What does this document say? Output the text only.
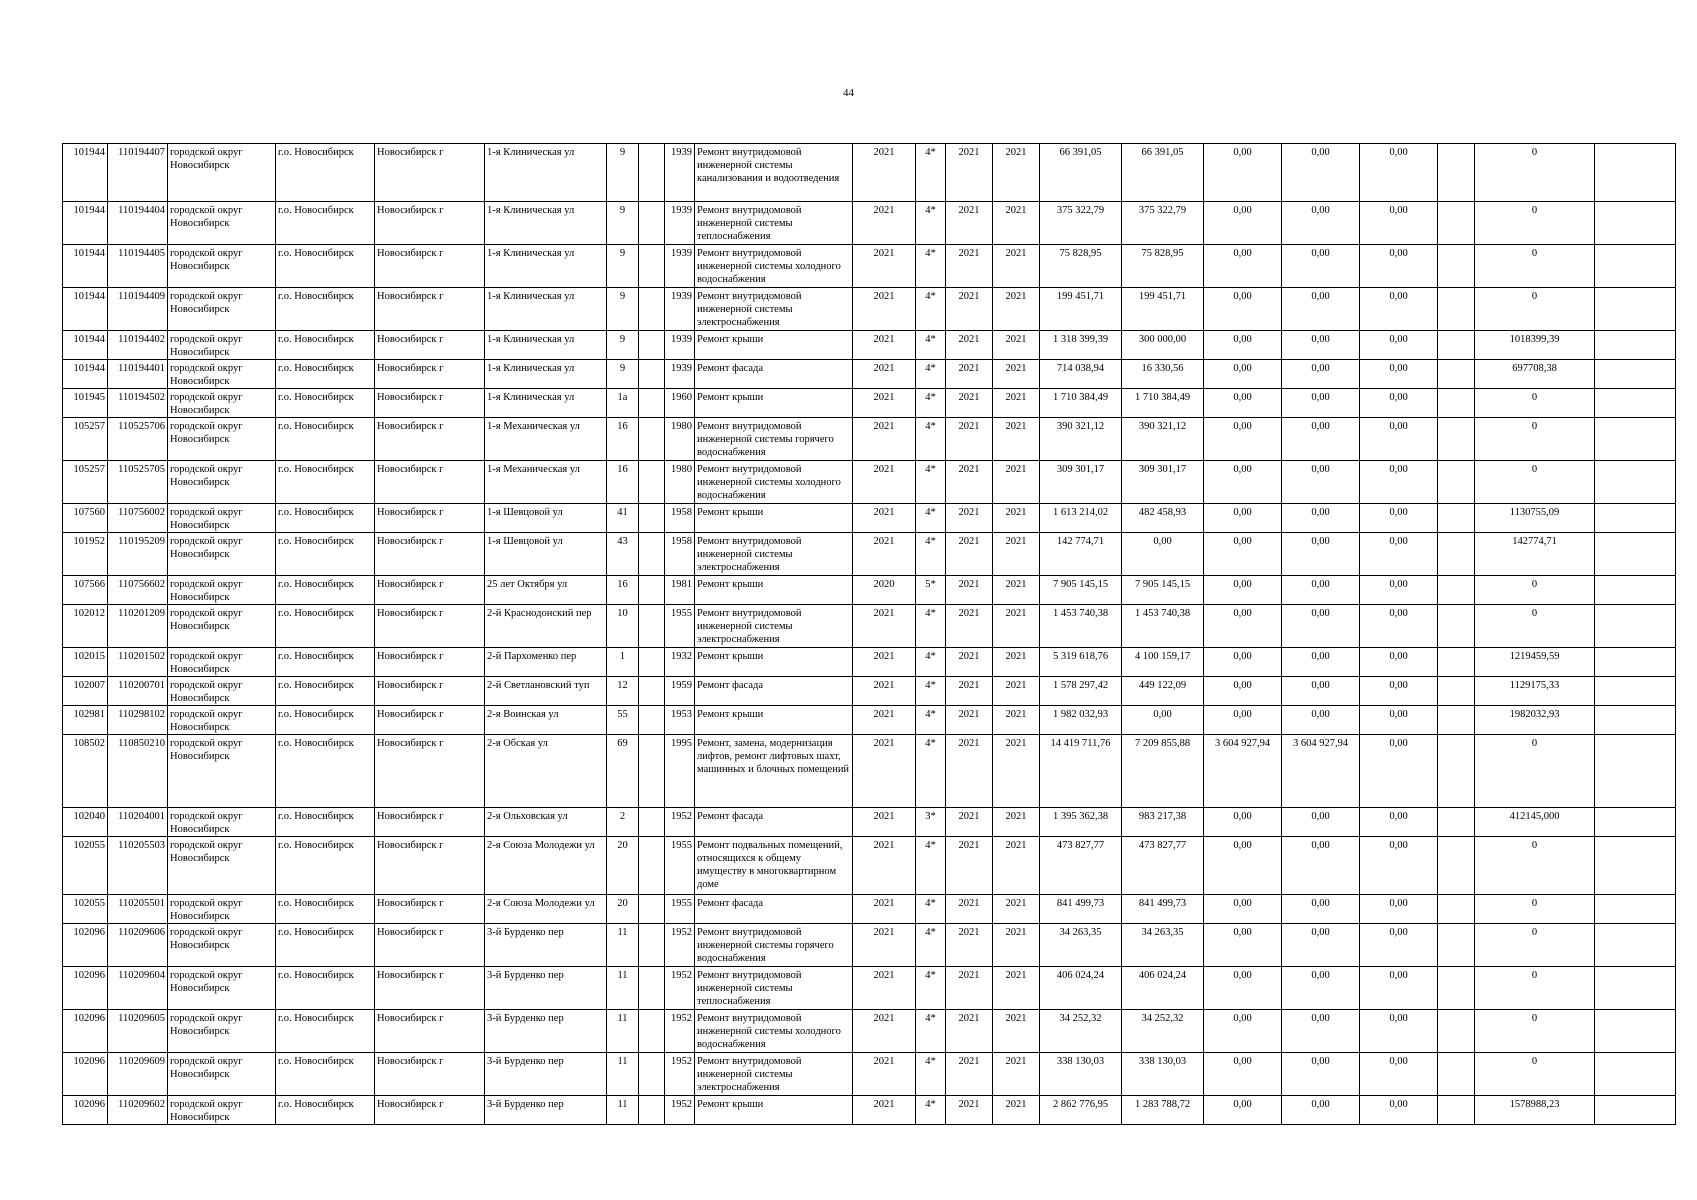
44
101944	110194407	городской округ Новосибирск	г.о. Новосибирск	Новосибирск г	1-я Клиническая ул	9		1939	Ремонт внутридомовой инженерной системы канализования и водоотведения	2021	4*	2021	2021	66 391,05	66 391,05	0,00	0,00	0,00		0	
101944	110194404	городской округ Новосибирск	г.о. Новосибирск	Новосибирск г	1-я Клиническая ул	9		1939	Ремонт внутридомовой инженерной системы теплоснабжения	2021	4*	2021	2021	375 322,79	375 322,79	0,00	0,00	0,00		0	
101944	110194405	городской округ Новосибирск	г.о. Новосибирск	Новосибирск г	1-я Клиническая ул	9		1939	Ремонт внутридомовой инженерной системы холодного водоснабжения	2021	4*	2021	2021	75 828,95	75 828,95	0,00	0,00	0,00		0	
101944	110194409	городской округ Новосибирск	г.о. Новосибирск	Новосибирск г	1-я Клиническая ул	9		1939	Ремонт внутридомовой инженерной системы электроснабжения	2021	4*	2021	2021	199 451,71	199 451,71	0,00	0,00	0,00		0	
101944	110194402	городской округ Новосибирск	г.о. Новосибирск	Новосибирск г	1-я Клиническая ул	9		1939	Ремонт крыши	2021	4*	2021	2021	1 318 399,39	300 000,00	0,00	0,00	0,00		1018399,39	
101944	110194401	городской округ Новосибирск	г.о. Новосибирск	Новосибирск г	1-я Клиническая ул	9		1939	Ремонт фасада	2021	4*	2021	2021	714 038,94	16 330,56	0,00	0,00	0,00		697708,38	
101945	110194502	городской округ Новосибирск	г.о. Новосибирск	Новосибирск г	1-я Клиническая ул	1а		1960	Ремонт крыши	2021	4*	2021	2021	1 710 384,49	1 710 384,49	0,00	0,00	0,00		0	
105257	110525706	городской округ Новосибирск	г.о. Новосибирск	Новосибирск г	1-я Механическая ул	16		1980	Ремонт внутридомовой инженерной системы горячего водоснабжения	2021	4*	2021	2021	390 321,12	390 321,12	0,00	0,00	0,00		0	
105257	110525705	городской округ Новосибирск	г.о. Новосибирск	Новосибирск г	1-я Механическая ул	16		1980	Ремонт внутридомовой инженерной системы холодного водоснабжения	2021	4*	2021	2021	309 301,17	309 301,17	0,00	0,00	0,00		0	
107560	110756002	городской округ Новосибирск	г.о. Новосибирск	Новосибирск г	1-я Шевцовой ул	41		1958	Ремонт крыши	2021	4*	2021	2021	1 613 214,02	482 458,93	0,00	0,00	0,00		1130755,09	
101952	110195209	городской округ Новосибирск	г.о. Новосибирск	Новосибирск г	1-я Шевцовой ул	43		1958	Ремонт внутридомовой инженерной системы электроснабжения	2021	4*	2021	2021	142 774,71	0,00	0,00	0,00	0,00		142774,71	
107566	110756602	городской округ Новосибирск	г.о. Новосибирск	Новосибирск г	25 лет Октября ул	16		1981	Ремонт крыши	2020	5*	2021	2021	7 905 145,15	7 905 145,15	0,00	0,00	0,00		0	
102012	110201209	городской округ Новосибирск	г.о. Новосибирск	Новосибирск г	2-й Краснодонский пер	10		1955	Ремонт внутридомовой инженерной системы электроснабжения	2021	4*	2021	2021	1 453 740,38	1 453 740,38	0,00	0,00	0,00		0	
102015	110201502	городской округ Новосибирск	г.о. Новосибирск	Новосибирск г	2-й Пархоменко пер	1		1932	Ремонт крыши	2021	4*	2021	2021	5 319 618,76	4 100 159,17	0,00	0,00	0,00		1219459,59	
102007	110200701	городской округ Новосибирск	г.о. Новосибирск	Новосибирск г	2-й Светлановский туп	12		1959	Ремонт фасада	2021	4*	2021	2021	1 578 297,42	449 122,09	0,00	0,00	0,00		1129175,33	
102981	110298102	городской округ Новосибирск	г.о. Новосибирск	Новосибирск г	2-я Воинская ул	55		1953	Ремонт крыши	2021	4*	2021	2021	1 982 032,93	0,00	0,00	0,00	0,00		1982032,93	
108502	110850210	городской округ Новосибирск	г.о. Новосибирск	Новосибирск г	2-я Обская ул	69		1995	Ремонт, замена, модернизация лифтов, ремонт лифтовых шахт, машинных и блочных помещений	2021	4*	2021	2021	14 419 711,76	7 209 855,88	3 604 927,94	3 604 927,94	0,00		0	
102040	110204001	городской округ Новосибирск	г.о. Новосибирск	Новосибирск г	2-я Ольховская ул	2		1952	Ремонт фасада	2021	3*	2021	2021	1 395 362,38	983 217,38	0,00	0,00	0,00		412145,000	
102055	110205503	городской округ Новосибирск	г.о. Новосибирск	Новосибирск г	2-я Союза Молодежи ул	20		1955	Ремонт подвальных помещений, относящихся к общему имуществу в многоквартирном доме	2021	4*	2021	2021	473 827,77	473 827,77	0,00	0,00	0,00		0	
102055	110205501	городской округ Новосибирск	г.о. Новосибирск	Новосибирск г	2-я Союза Молодежи ул	20		1955	Ремонт фасада	2021	4*	2021	2021	841 499,73	841 499,73	0,00	0,00	0,00		0	
102096	110209606	городской округ Новосибирск	г.о. Новосибирск	Новосибирск г	3-й Бурденко пер	11		1952	Ремонт внутридомовой инженерной системы горячего водоснабжения	2021	4*	2021	2021	34 263,35	34 263,35	0,00	0,00	0,00		0	
102096	110209604	городской округ Новосибирск	г.о. Новосибирск	Новосибирск г	3-й Бурденко пер	11		1952	Ремонт внутридомовой инженерной системы теплоснабжения	2021	4*	2021	2021	406 024,24	406 024,24	0,00	0,00	0,00		0	
102096	110209605	городской округ Новосибирск	г.о. Новосибирск	Новосибирск г	3-й Бурденко пер	11		1952	Ремонт внутридомовой инженерной системы холодного водоснабжения	2021	4*	2021	2021	34 252,32	34 252,32	0,00	0,00	0,00		0	
102096	110209609	городской округ Новосибирск	г.о. Новосибирск	Новосибирск г	3-й Бурденко пер	11		1952	Ремонт внутридомовой инженерной системы электроснабжения	2021	4*	2021	2021	338 130,03	338 130,03	0,00	0,00	0,00		0	
102096	110209602	городской округ Новосибирск	г.о. Новосибирск	Новосибирск г	3-й Бурденко пер	11		1952	Ремонт крыши	2021	4*	2021	2021	2 862 776,95	1 283 788,72	0,00	0,00	0,00		1578988,23	
